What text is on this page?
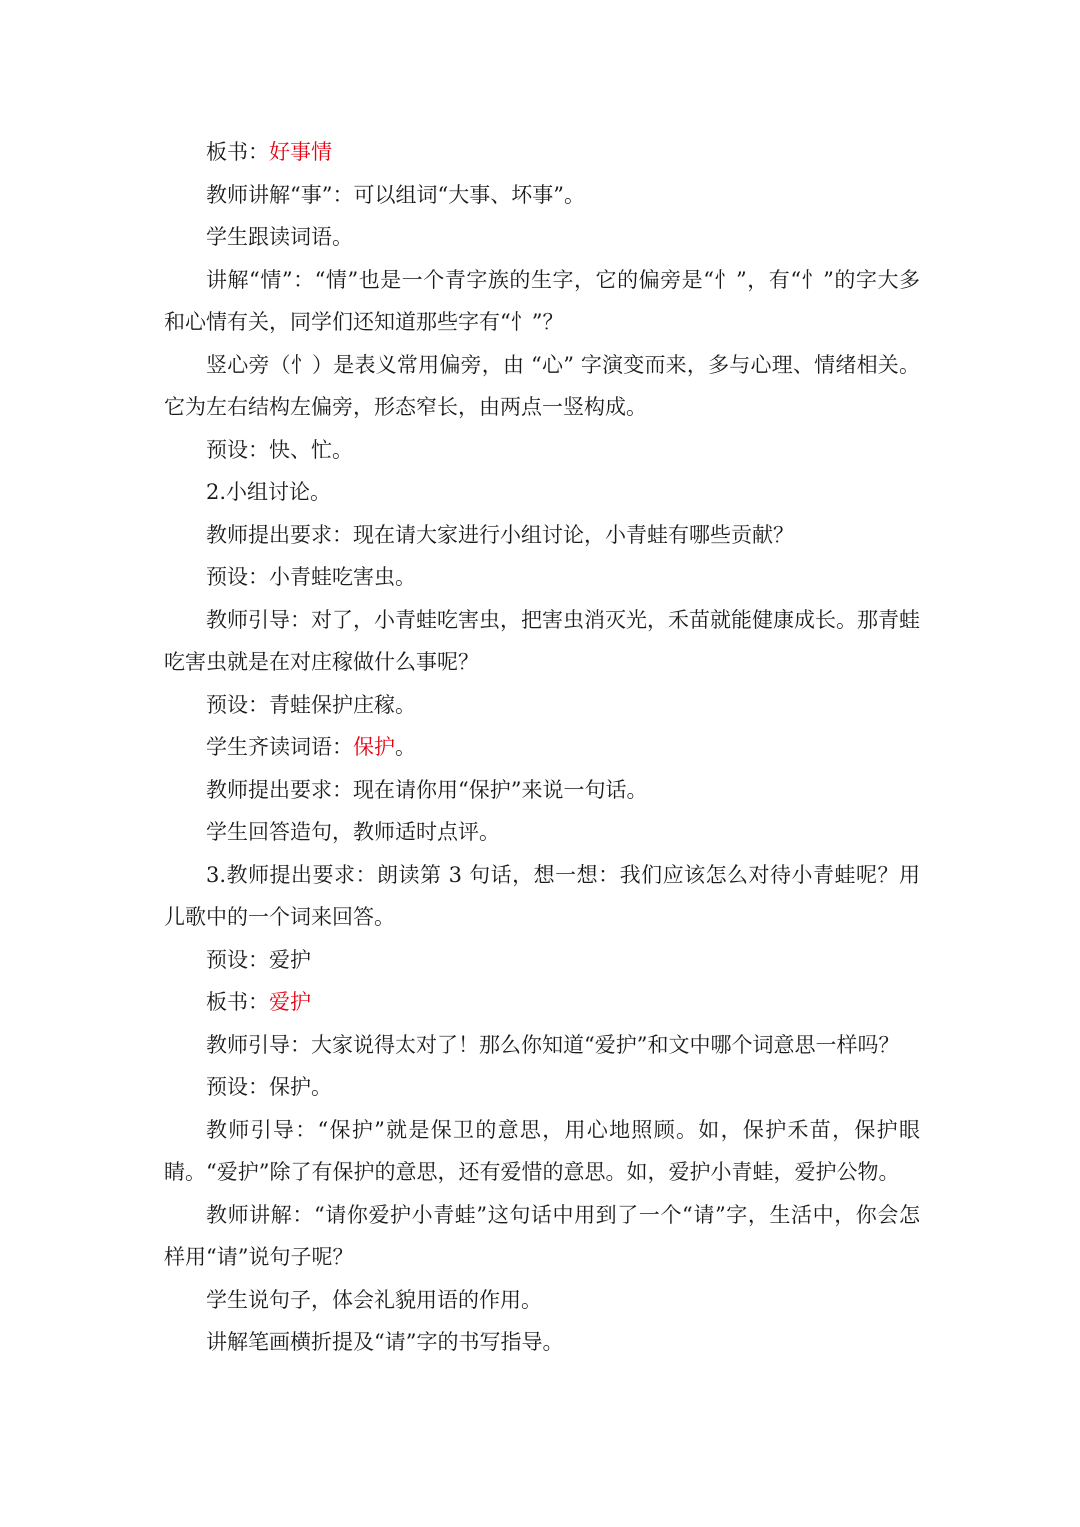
板书：好事情

教师讲解“事”：可以组词“大事、坏事”。

学生跟读词语。

讲解“情”：“情”也是一个青字族的生字，它的偏旁是“忄”，有“忄”的字大多和心情有关，同学们还知道那些字有“忄”？

竖心旁（忄）是表义常用偏旁，由 “心” 字演变而来，多与心理、情绪相关。它为左右结构左偏旁，形态窄长，由两点一竖构成。

预设：快、忙。

2.小组讨论。

教师提出要求：现在请大家进行小组讨论，小青蛙有哪些贡献？

预设：小青蛙吃害虫。

教师引导：对了，小青蛙吃害虫，把害虫消灭光，禾苗就能健康成长。那青蛙吃害虫就是在对庄稼做什么事呢？

预设：青蛙保护庄稼。

学生齐读词语：保护。

教师提出要求：现在请你用“保护”来说一句话。

学生回答造句，教师适时点评。

3.教师提出要求：朗读第 3 句话，想一想：我们应该怎么对待小青蛙呢？用儿歌中的一个词来回答。

预设：爱护

板书：爱护

教师引导：大家说得太对了！那么你知道“爱护”和文中哪个词意思一样吗？

预设：保护。

教师引导：“保护”就是保卫的意思，用心地照顾。如，保护禾苗，保护眼睛。“爱护”除了有保护的意思，还有爱惜的意思。如，爱护小青蛙，爱护公物。

教师讲解：“请你爱护小青蛙”这句话中用到了一个“请”字，生活中，你会怎样用“请”说句子呢？

学生说句子，体会礼貌用语的作用。

讲解笔画横折提及“请”字的书写指导。
